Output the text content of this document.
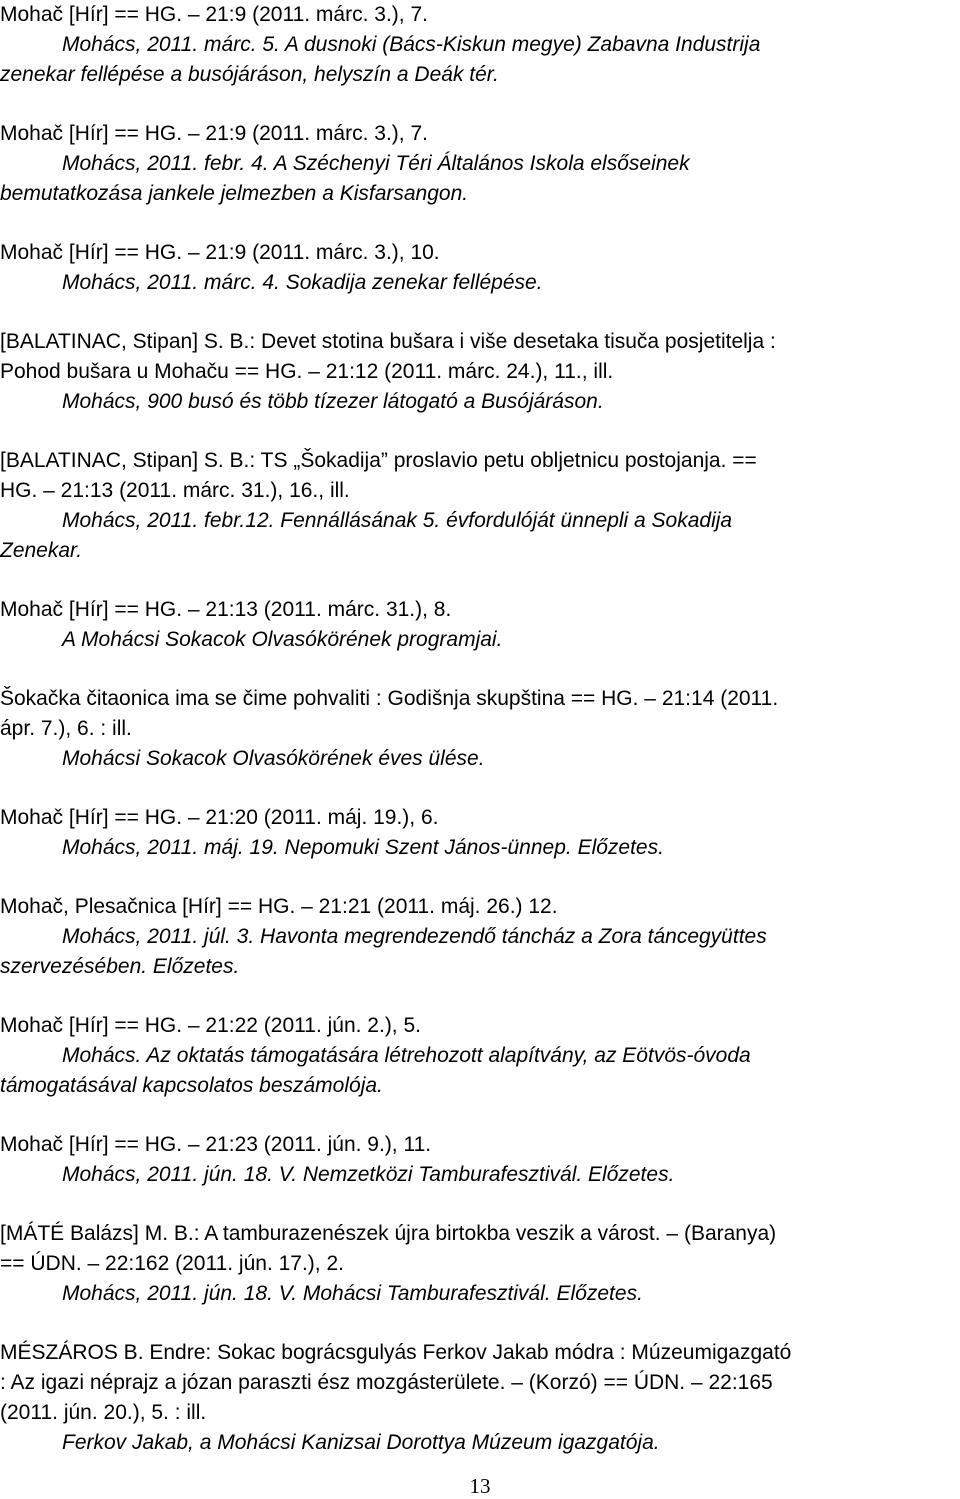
Mohač [Hír] == HG. – 21:9 (2011. márc. 3.), 7.
Mohács, 2011. márc. 5. A dusnoki (Bács-Kiskun megye) Zabavna Industrija
zenekar fellépése a busójáráson, helyszín a Deák tér.
Mohač [Hír] == HG. – 21:9 (2011. márc. 3.), 7.
Mohács, 2011. febr. 4. A Széchenyi Téri Általános Iskola elsőseinek
bemutatkozása jankele jelmezben a Kisfarsangon.
Mohač [Hír] == HG. – 21:9 (2011. márc. 3.), 10.
Mohács, 2011. márc. 4. Sokadija zenekar fellépése.
[BALATINAC, Stipan] S. B.: Devet stotina bušara i više desetaka tisuča posjetitelja :
Pohod bušara u Mohaču == HG. – 21:12 (2011. márc. 24.), 11., ill.
Mohács, 900 busó és több tízezer látogató a Busójáráson.
[BALATINAC, Stipan] S. B.: TS „Šokadija” proslavio petu obljetnicu postojanja. ==
HG. – 21:13 (2011. márc. 31.), 16., ill.
Mohács, 2011. febr.12. Fennállásának 5. évfordulóját ünnepli a Sokadija
Zenekar.
Mohač [Hír] == HG. – 21:13 (2011. márc. 31.), 8.
A Mohácsi Sokacok Olvasókörének programjai.
Šokačka čitaonica ima se čime pohvaliti : Godišnja skupština == HG. – 21:14 (2011.
ápr. 7.), 6. : ill.
Mohácsi Sokacok Olvasókörének éves ülése.
Mohač [Hír] == HG. – 21:20 (2011. máj. 19.), 6.
Mohács, 2011. máj. 19. Nepomuki Szent János-ünnep. Előzetes.
Mohač, Plesačnica [Hír] == HG. – 21:21 (2011. máj. 26.) 12.
Mohács, 2011. júl. 3. Havonta megrendezendő táncház a Zora táncegyüttes
szervezésében. Előzetes.
Mohač [Hír] == HG. – 21:22 (2011. jún. 2.), 5.
Mohács. Az oktatás támogatására létrehozott alapítvány, az Eötvös-óvoda
támogatásával kapcsolatos beszámolója.
Mohač [Hír] == HG. – 21:23 (2011. jún. 9.), 11.
Mohács, 2011. jún. 18. V. Nemzetközi Tamburafesztivál. Előzetes.
[MÁTÉ Balázs] M. B.: A tamburazenészek újra birtokba veszik a várost. – (Baranya)
== ÚDN. – 22:162 (2011. jún. 17.), 2.
Mohács, 2011. jún. 18. V. Mohácsi Tamburafesztivál. Előzetes.
MÉSZÁROS B. Endre: Sokac bográcsgulyás Ferkov Jakab módra : Múzeumigazgató
: Az igazi néprajz a józan paraszti ész mozgásterülete. – (Korzó) == ÚDN. – 22:165
(2011. jún. 20.), 5. : ill.
Ferkov Jakab, a Mohácsi Kanizsai Dorottya Múzeum igazgatója.
13
